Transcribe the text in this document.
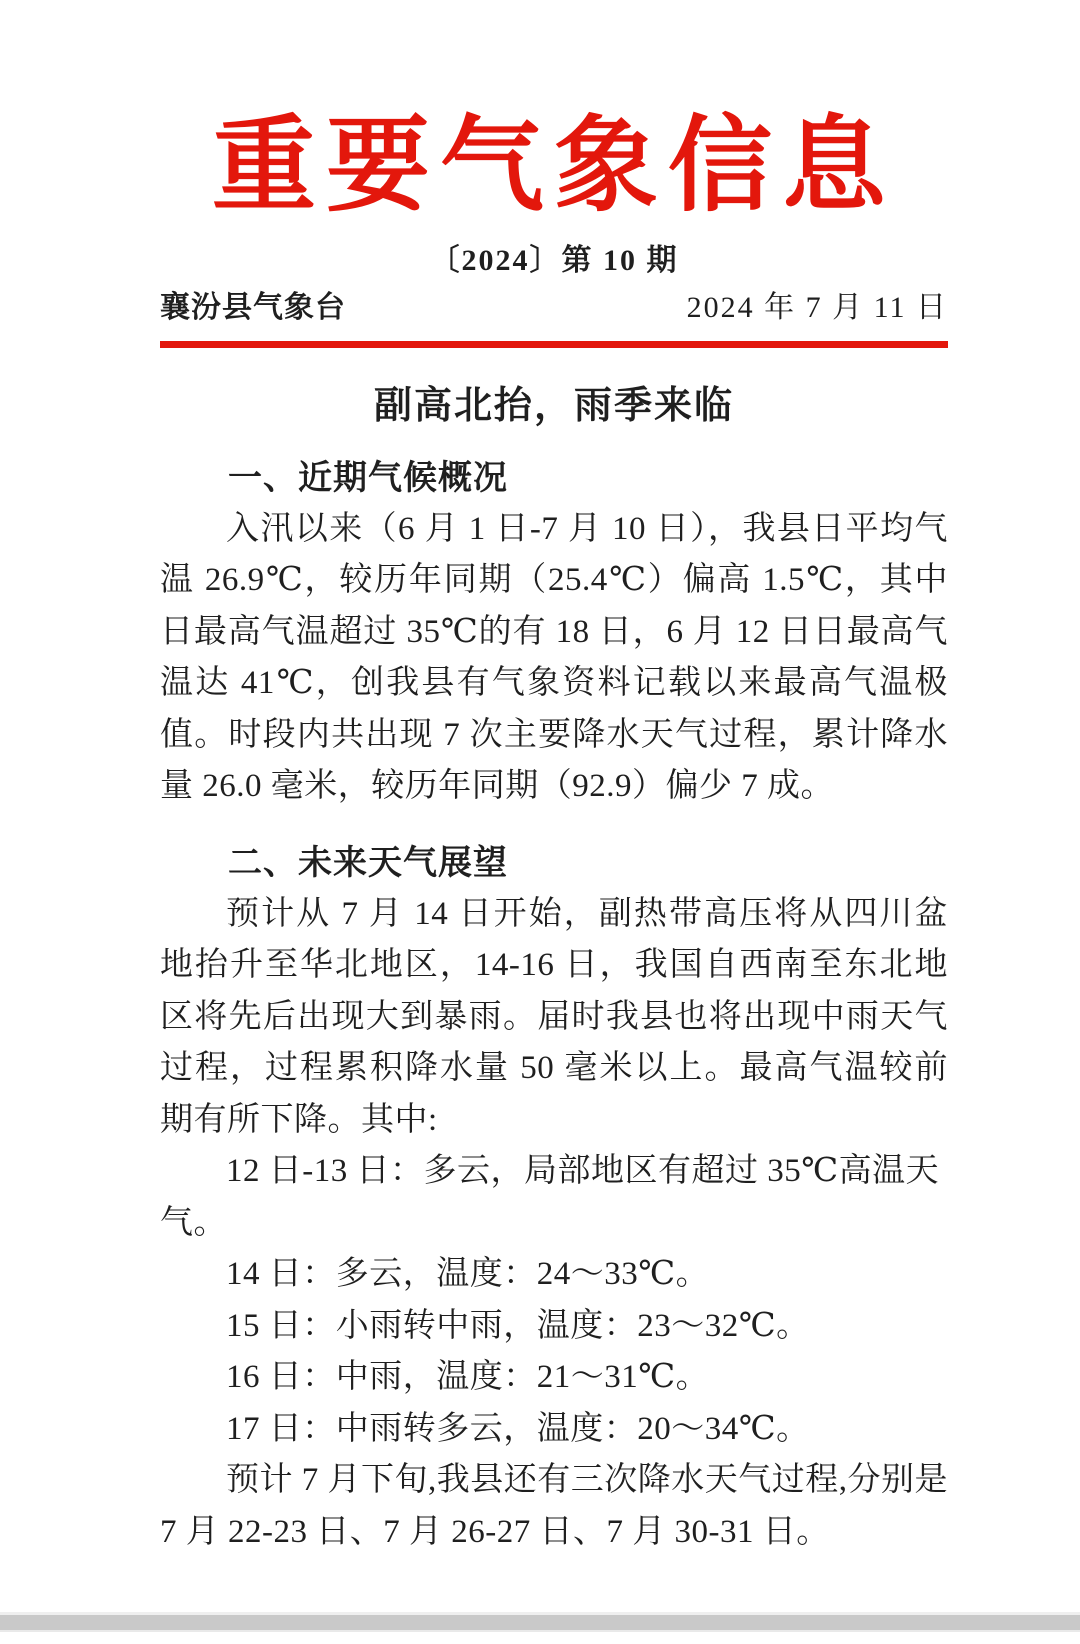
重要气象信息
〔2024〕第 10 期
襄汾县气象台	2024 年 7 月 11 日
副高北抬，雨季来临
一、近期气候概况

入汛以来（6 月 1 日-7 月 10 日），我县日平均气温 26.9℃，较历年同期（25.4℃）偏高 1.5℃，其中日最高气温超过 35℃的有 18 日，6 月 12 日日最高气温达 41℃，创我县有气象资料记载以来最高气温极值。时段内共出现 7 次主要降水天气过程，累计降水量 26.0 毫米，较历年同期（92.9）偏少 7 成。

二、未来天气展望

预计从 7 月 14 日开始，副热带高压将从四川盆地抬升至华北地区，14-16 日，我国自西南至东北地区将先后出现大到暴雨。届时我县也将出现中雨天气过程，过程累积降水量 50 毫米以上。最高气温较前期有所下降。其中:

12 日-13 日：多云，局部地区有超过 35℃高温天气。

14 日：多云，温度：24～33℃。

15 日：小雨转中雨，温度：23～32℃。

16 日：中雨，温度：21～31℃。

17 日：中雨转多云，温度：20～34℃。

预计 7 月下旬,我县还有三次降水天气过程,分别是 7 月 22-23 日、7 月 26-27 日、7 月 30-31 日。
